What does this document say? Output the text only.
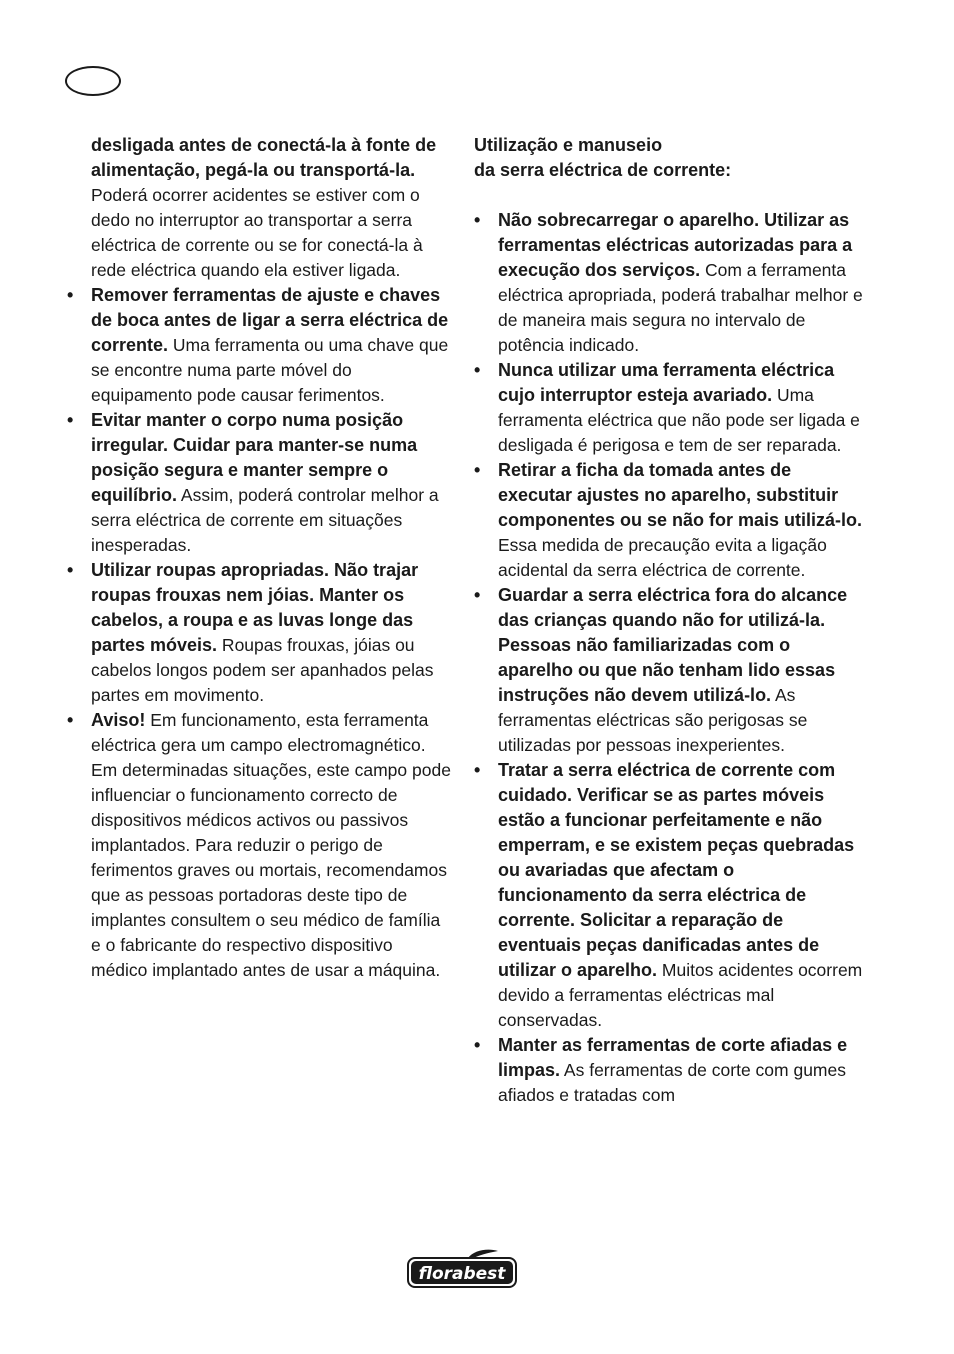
desligada antes de conectá-la à fonte de alimentação, pegá-la ou transportá-la.
Poderá ocorrer acidentes se estiver com o dedo no interruptor ao transportar a serra eléctrica de corrente ou se for conectá-la à rede eléctrica quando ela estiver ligada.

• Remover ferramentas de ajuste e chaves de boca antes de ligar a serra eléctrica de corrente. Uma ferramenta ou uma chave que se encontre numa parte móvel do equipamento pode causar ferimentos.

• Evitar manter o corpo numa posição irregular. Cuidar para manter-se numa posição segura e manter sempre o equilíbrio. Assim, poderá controlar melhor a serra eléctrica de corrente em situações inesperadas.

• Utilizar roupas apropriadas. Não trajar roupas frouxas nem jóias. Manter os cabelos, a roupa e as luvas longe das partes móveis. Roupas frouxas, jóias ou cabelos longos podem ser apanhados pelas partes em movimento.

• Aviso! Em funcionamento, esta ferramenta eléctrica gera um campo electromagnético. Em determinadas situações, este campo pode influenciar o funcionamento correcto de dispositivos médicos activos ou passivos implantados. Para reduzir o perigo de ferimentos graves ou mortais, recomendamos que as pessoas portadoras deste tipo de implantes consultem o seu médico de família e o fabricante do respectivo dispositivo médico implantado antes de usar a máquina.

Utilização e manuseio
da serra eléctrica de corrente:

• Não sobrecarregar o aparelho. Utilizar as ferramentas eléctricas autorizadas para a execução dos serviços. Com a ferramenta eléctrica apropriada, poderá trabalhar melhor e de maneira mais segura no intervalo de potência indicado.

• Nunca utilizar uma ferramenta eléctrica cujo interruptor esteja avariado. Uma ferramenta eléctrica que não pode ser ligada e desligada é perigosa e tem de ser reparada.

• Retirar a ficha da tomada antes de executar ajustes no aparelho, substituir componentes ou se não for mais utilizá-lo. Essa medida de precaução evita a ligação acidental da serra eléctrica de corrente.

• Guardar a serra eléctrica fora do alcance das crianças quando não for utilizá-la. Pessoas não familiarizadas com o aparelho ou que não tenham lido essas instruções não devem utilizá-lo. As ferramentas eléctricas são perigosas se utilizadas por pessoas inexperientes.

• Tratar a serra eléctrica de corrente com cuidado. Verificar se as partes móveis estão a funcionar perfeitamente e não emperram, e se existem peças quebradas ou avariadas que afectam o funcionamento da serra eléctrica de corrente. Solicitar a reparação de eventuais peças danificadas antes de utilizar o aparelho. Muitos acidentes ocorrem devido a ferramentas eléctricas mal conservadas.

• Manter as ferramentas de corte afiadas e limpas. As ferramentas de corte com gumes afiados e tratadas com

florabest
